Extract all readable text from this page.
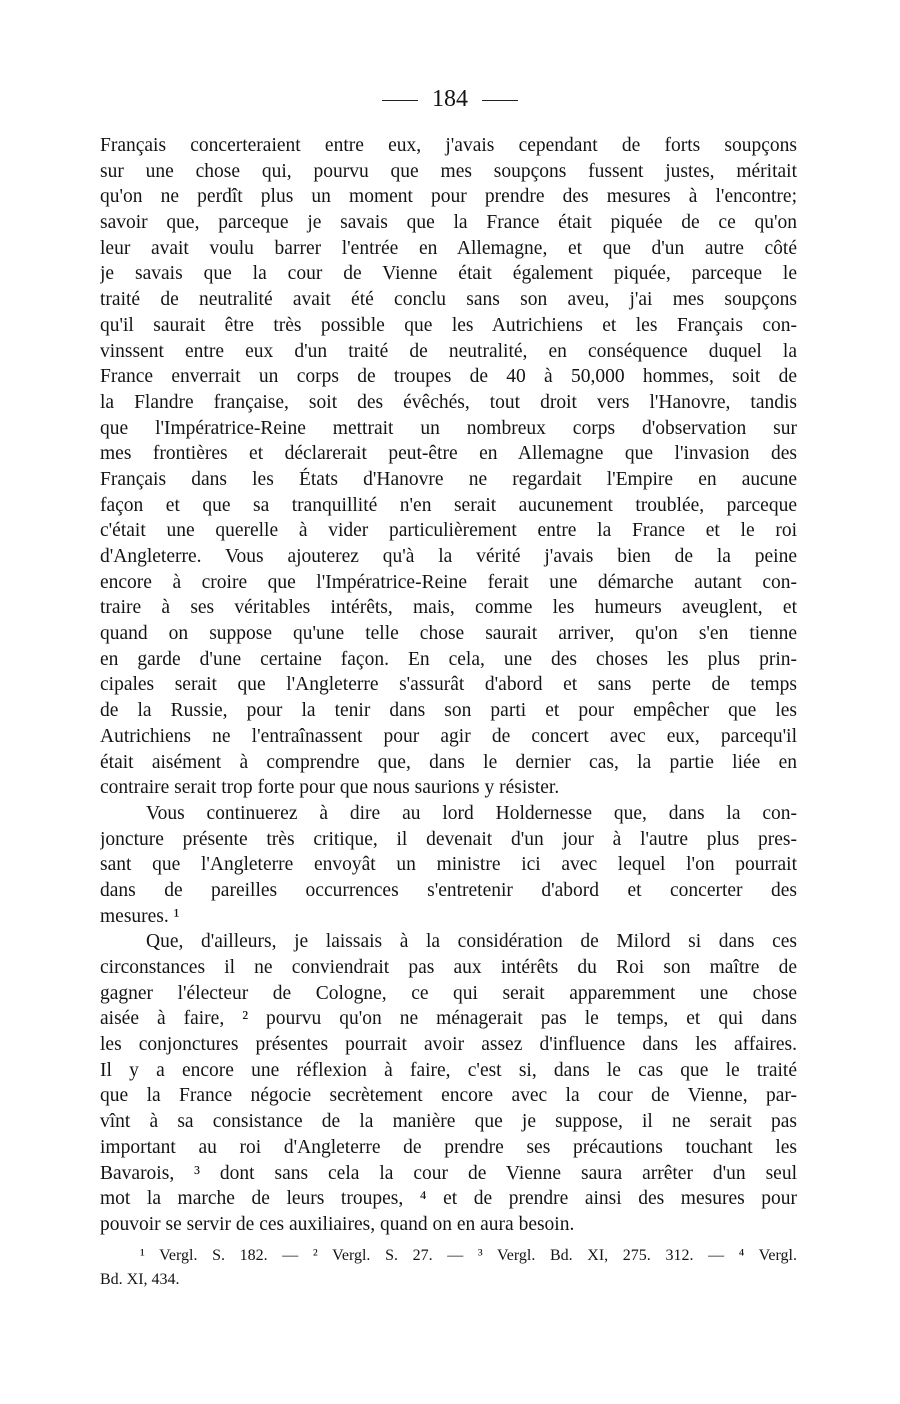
184
Français concerteraient entre eux, j'avais cependant de forts soupçons
sur une chose qui, pourvu que mes soupçons fussent justes, méritait
qu'on ne perdît plus un moment pour prendre des mesures à l'encontre;
savoir que, parceque je savais que la France était piquée de ce qu'on
leur avait voulu barrer l'entrée en Allemagne, et que d'un autre côté
je savais que la cour de Vienne était également piquée, parceque le
traité de neutralité avait été conclu sans son aveu, j'ai mes soupçons
qu'il saurait être très possible que les Autrichiens et les Français con-
vinssent entre eux d'un traité de neutralité, en conséquence duquel la
France enverrait un corps de troupes de 40 à 50,000 hommes, soit de
la Flandre française, soit des évêchés, tout droit vers l'Hanovre, tandis
que l'Impératrice-Reine mettrait un nombreux corps d'observation sur
mes frontières et déclarerait peut-être en Allemagne que l'invasion des
Français dans les États d'Hanovre ne regardait l'Empire en aucune
façon et que sa tranquillité n'en serait aucunement troublée, parceque
c'était une querelle à vider particulièrement entre la France et le roi
d'Angleterre. Vous ajouterez qu'à la vérité j'avais bien de la peine
encore à croire que l'Impératrice-Reine ferait une démarche autant con-
traire à ses véritables intérêts, mais, comme les humeurs aveuglent, et
quand on suppose qu'une telle chose saurait arriver, qu'on s'en tienne
en garde d'une certaine façon. En cela, une des choses les plus prin-
cipales serait que l'Angleterre s'assurât d'abord et sans perte de temps
de la Russie, pour la tenir dans son parti et pour empêcher que les
Autrichiens ne l'entraînassent pour agir de concert avec eux, parcequ'il
était aisément à comprendre que, dans le dernier cas, la partie liée en
contraire serait trop forte pour que nous saurions y résister.
Vous continuerez à dire au lord Holdernesse que, dans la con-
joncture présente très critique, il devenait d'un jour à l'autre plus pres-
sant que l'Angleterre envoyât un ministre ici avec lequel l'on pourrait
dans de pareilles occurrences s'entretenir d'abord et concerter des
mesures. ¹
Que, d'ailleurs, je laissais à la considération de Milord si dans ces
circonstances il ne conviendrait pas aux intérêts du Roi son maître de
gagner l'électeur de Cologne, ce qui serait apparemment une chose
aisée à faire, ² pourvu qu'on ne ménagerait pas le temps, et qui dans
les conjonctures présentes pourrait avoir assez d'influence dans les affaires.
Il y a encore une réflexion à faire, c'est si, dans le cas que le traité
que la France négocie secrètement encore avec la cour de Vienne, par-
vînt à sa consistance de la manière que je suppose, il ne serait pas
important au roi d'Angleterre de prendre ses précautions touchant les
Bavarois, ³ dont sans cela la cour de Vienne saura arrêter d'un seul
mot la marche de leurs troupes, ⁴ et de prendre ainsi des mesures pour
pouvoir se servir de ces auxiliaires, quand on en aura besoin.
¹ Vergl. S. 182. — ² Vergl. S. 27. — ³ Vergl. Bd. XI, 275. 312. — ⁴ Vergl.
Bd. XI, 434.
